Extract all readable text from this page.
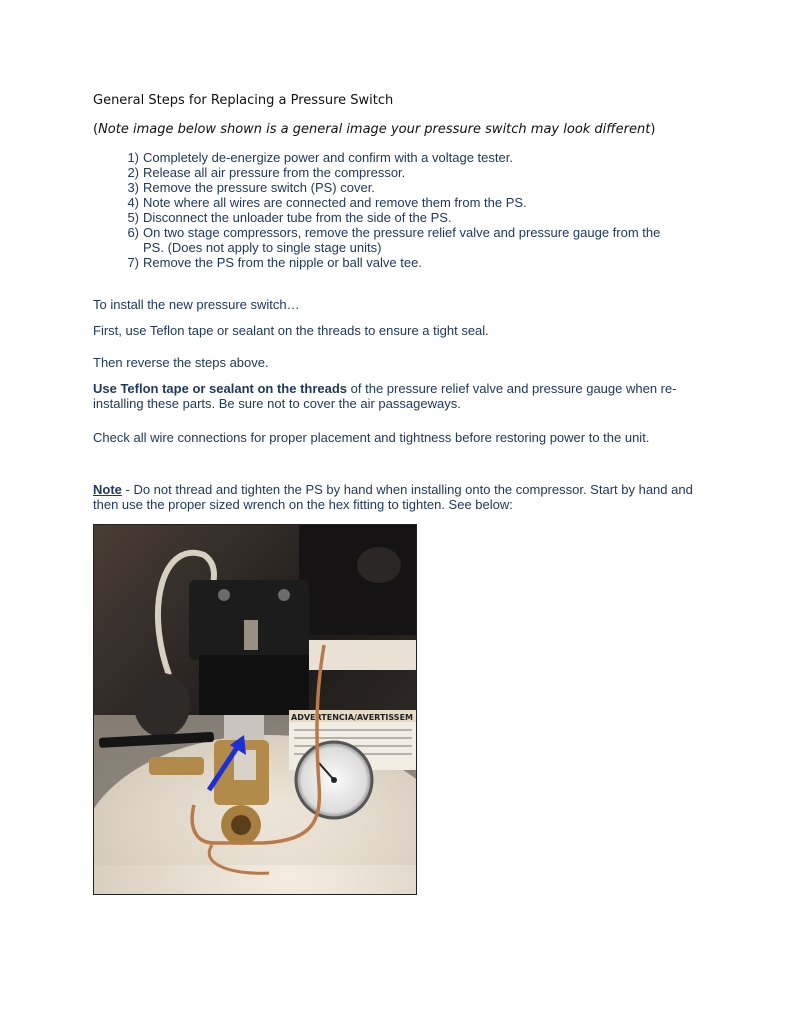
General Steps for Replacing a Pressure Switch
(Note image below shown is a general image your pressure switch may look different)
1) Completely de-energize power and confirm with a voltage tester.
2) Release all air pressure from the compressor.
3) Remove the pressure switch (PS) cover.
4) Note where all wires are connected and remove them from the PS.
5) Disconnect the unloader tube from the side of the PS.
6) On two stage compressors, remove the pressure relief valve and pressure gauge from the PS. (Does not apply to single stage units)
7) Remove the PS from the nipple or ball valve tee.
To install the new pressure switch…
First, use Teflon tape or sealant on the threads to ensure a tight seal.
Then reverse the steps above.
Use Teflon tape or sealant on the threads of the pressure relief valve and pressure gauge when re-installing these parts. Be sure not to cover the air passageways.
Check all wire connections for proper placement and tightness before restoring power to the unit.
Note - Do not thread and tighten the PS by hand when installing onto the compressor. Start by hand and then use the proper sized wrench on the hex fitting to tighten. See below:
ADVERTENCIA/AVERTISSEM
